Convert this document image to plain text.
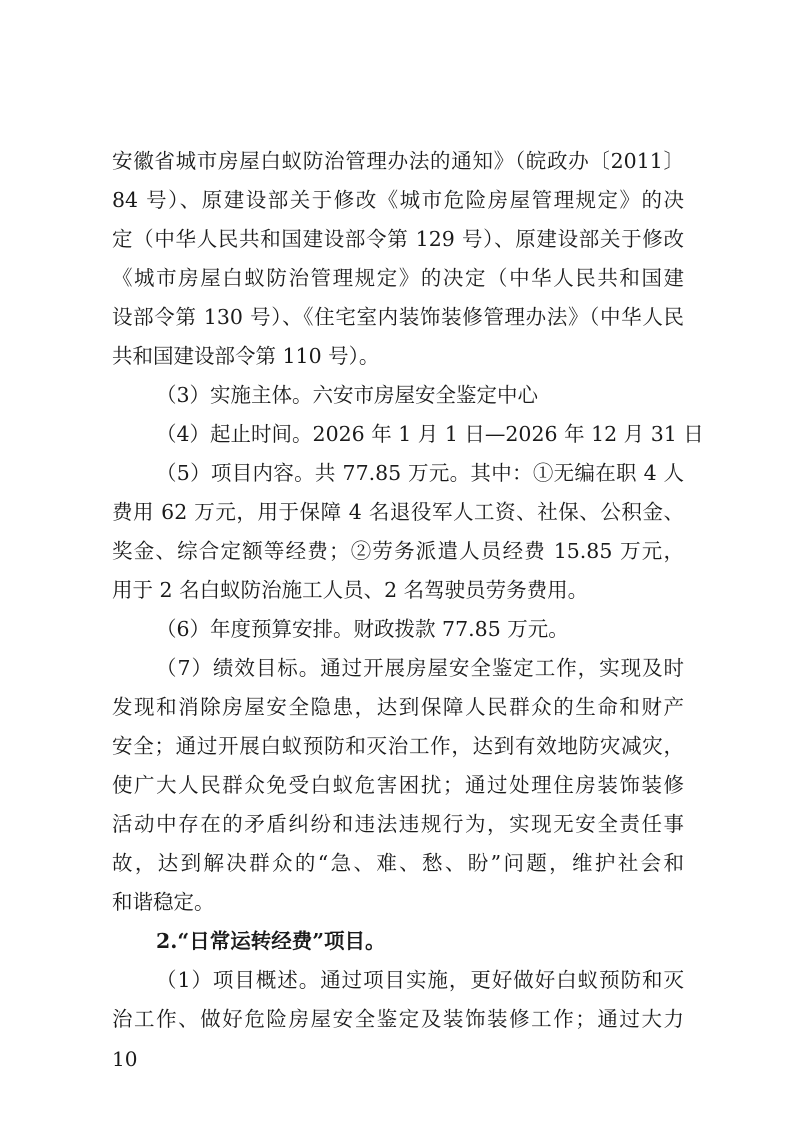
安徽省城市房屋白蚁防治管理办法的通知》（皖政办〔2011〕
84 号）、原建设部关于修改《城市危险房屋管理规定》的决
定（中华人民共和国建设部令第 129 号）、原建设部关于修改
《城市房屋白蚁防治管理规定》的决定（中华人民共和国建
设部令第 130 号）、《住宅室内装饰装修管理办法》（中华人民
共和国建设部令第 110 号）。
（3）实施主体。六安市房屋安全鉴定中心
（4）起止时间。2026 年 1 月 1 日—2026 年 12 月 31 日
（5）项目内容。共 77.85 万元。其中：①无编在职 4 人
费用 62 万元，用于保障 4 名退役军人工资、社保、公积金、
奖金、综合定额等经费；②劳务派遣人员经费 15.85 万元，
用于 2 名白蚁防治施工人员、2 名驾驶员劳务费用。
（6）年度预算安排。财政拨款 77.85 万元。
（7）绩效目标。通过开展房屋安全鉴定工作，实现及时
发现和消除房屋安全隐患，达到保障人民群众的生命和财产
安全；通过开展白蚁预防和灭治工作，达到有效地防灾减灾，
使广大人民群众免受白蚁危害困扰；通过处理住房装饰装修
活动中存在的矛盾纠纷和违法违规行为，实现无安全责任事
故，达到解决群众的“急、难、愁、盼”问题，维护社会和
和谐稳定。
2.“日常运转经费”项目。
（1）项目概述。通过项目实施，更好做好白蚁预防和灭
治工作、做好危险房屋安全鉴定及装饰装修工作；通过大力
10
